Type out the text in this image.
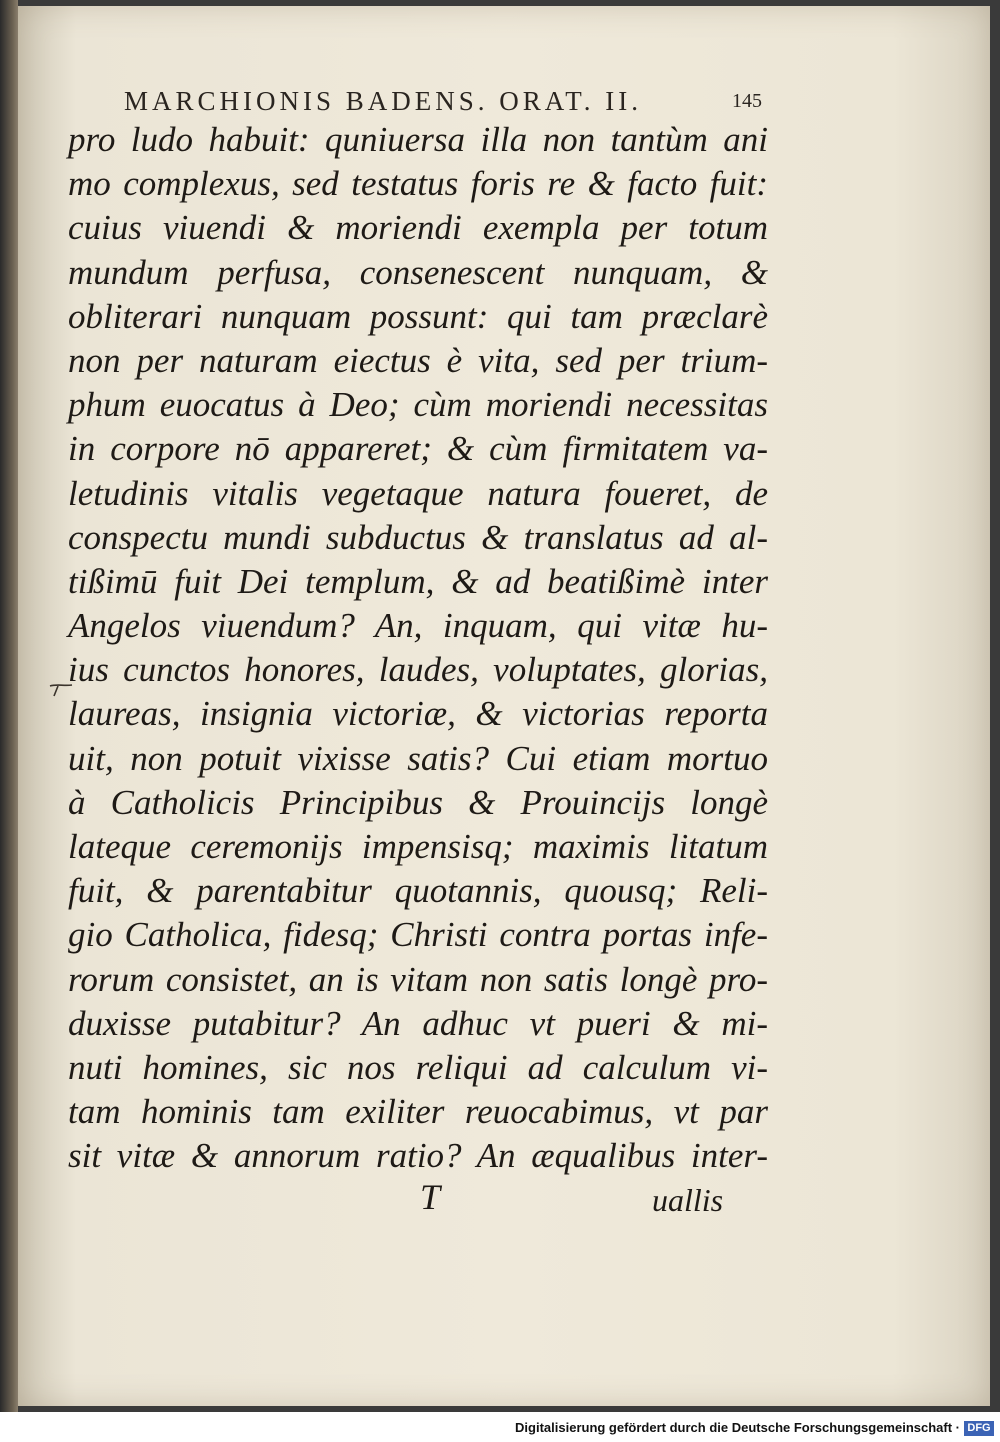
MARCHIONIS BADENS. ORAT. II.	145
pro ludo habuit: quniuersa illa non tantùm ani
mo complexus, sed testatus foris re & facto fuit:
cuius viuendi & moriendi exempla per totum
mundum perfusa, consenescent nunquam, &
obliterari nunquam possunt: qui tam præclarè
non per naturam eiectus è vita, sed per trium-
phum euocatus à Deo; cùm moriendi necessitas
in corpore nō appareret; & cùm firmitatem va-
letudinis vitalis vegetaque natura foueret, de
conspectu mundi subductus & translatus ad al-
tißimū fuit Dei templum, & ad beatißimè inter
Angelos viuendum? An, inquam, qui vitæ hu-
ius cunctos honores, laudes, voluptates, glorias,
laureas, insignia victoriæ, & victorias reporta
uit, non potuit vixisse satis? Cui etiam mortuo
à Catholicis Principibus & Prouincijs longè
lateque ceremonijs impensisq; maximis litatum
fuit, & parentabitur quotannis, quousq; Reli-
gio Catholica, fidesq; Christi contra portas infe-
rorum consistet, an is vitam non satis longè pro-
duxisse putabitur? An adhuc vt pueri & mi-
nuti homines, sic nos reliqui ad calculum vi-
tam hominis tam exiliter reuocabimus, vt par
sit vitæ & annorum ratio? An æqualibus inter-
T	uallis
Digitalisierung gefördert durch die Deutsche Forschungsgemeinschaft · DFG
